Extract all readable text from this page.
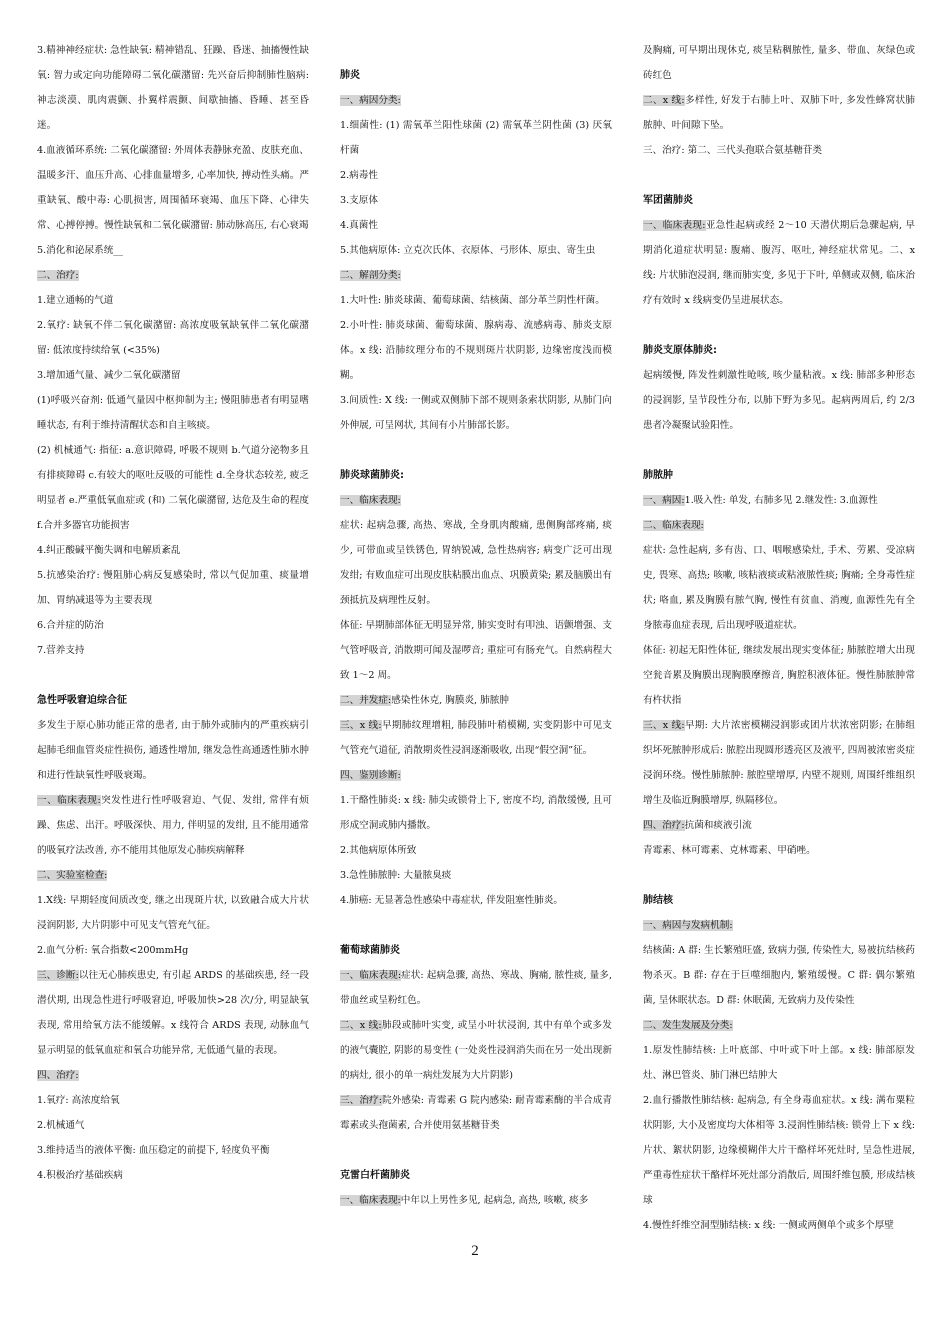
3.精神神经症状: 急性缺氧: 精神错乱、狂躁、昏迷、抽搐慢性缺氧: 智力或定向功能障碍二氧化碳潴留: 先兴奋后抑制肺性脑病: 神志淡漠、肌肉震颤、扑翼样震颤、间歇抽搐、昏睡、甚至昏迷。

4.血液循环系统: 二氧化碳潴留: 外周体表静脉充盈、皮肤充血、温暖多汗、血压升高、心排血量增多, 心率加快, 搏动性头痛。严重缺氧、酸中毒: 心肌损害, 周围循环衰竭、血压下降、心律失常、心搏停搏。慢性缺氧和二氧化碳潴留: 肺动脉高压, 右心衰竭

5.消化和泌尿系统__

二、治疗:

1.建立通畅的气道

2.氧疗: 缺氧不伴二氧化碳潴留: 高浓度吸氧缺氧伴二氧化碳潴留: 低浓度持续给氧 (<35%)

3.增加通气量、减少二氧化碳潴留

(1)呼吸兴奋剂: 低通气量因中枢抑制为主; 慢阻肺患者有明显嗜睡状态, 有利于维持清醒状态和自主咳痰。

(2) 机械通气: 指征: a.意识障碍, 呼吸不规则 b.气道分泌物多且有排痰障碍 c.有较大的呕吐反吸的可能性 d.全身状态较差, 疲乏明显者 e.严重低氧血症或 (和) 二氧化碳潴留, 达危及生命的程度 f.合并多器官功能损害

4.纠正酸碱平衡失调和电解质紊乱

5.抗感染治疗: 慢阻肺心病反复感染时, 常以气促加重、痰量增加、胃纳减退等为主要表现

6.合并症的防治

7.营养支持

急性呼吸窘迫综合征

多发生于原心肺功能正常的患者, 由于肺外或肺内的严重疾病引起肺毛细血管炎症性损伤, 通透性增加, 继发急性高通透性肺水肿和进行性缺氧性呼吸衰竭。

一、临床表现:突发性进行性呼吸窘迫、气促、发绀, 常伴有烦躁、焦虑、出汗。呼吸深快、用力, 伴明显的发绀, 且不能用通常的吸氧疗法改善, 亦不能用其他原发心肺疾病解释

二、实验室检查:

1.X线: 早期轻度间质改变, 继之出现斑片状, 以致融合成大片状浸润阴影, 大片阴影中可见支气管充气征。

2.血气分析: 氧合指数<200mmHg

三、诊断:以往无心肺疾患史, 有引起 ARDS 的基础疾患, 经一段潜伏期, 出现急性进行呼吸窘迫, 呼吸加快>28 次/分, 明显缺氧表现, 常用给氧方法不能缓解。x 线符合 ARDS 表现, 动脉血气显示明显的低氧血症和氧合功能异常, 无低通气量的表现。

四、治疗:

1.氧疗: 高浓度给氧

2.机械通气

3.维持适当的液体平衡: 血压稳定的前提下, 轻度负平衡

4.积极治疗基础疾病

肺炎

一、病因分类:

1.细菌性: (1) 需氧革兰阳性球菌 (2) 需氧革兰阴性菌 (3) 厌氧杆菌

2.病毒性

3.支原体

4.真菌性

5.其他病原体: 立克次氏体、衣原体、弓形体、原虫、寄生虫

二、解剖分类:

1.大叶性: 肺炎球菌、葡萄球菌、结核菌、部分革兰阴性杆菌。

2.小叶性: 肺炎球菌、葡萄球菌、腺病毒、流感病毒、肺炎支原体。x 线: 沿肺纹理分布的不规则斑片状阴影, 边缘密度浅而模糊。

3.间质性: X 线: 一侧或双侧肺下部不规则条索状阴影, 从肺门向外伸展, 可呈网状, 其间有小片肺部长影。

肺炎球菌肺炎:

一、临床表现:

症状: 起病急骤, 高热、寒战, 全身肌肉酸痛, 患侧胸部疼痛, 痰少, 可带血或呈铁锈色, 胃纳锐减, 急性热病容; 病变广泛可出现发绀; 有败血症可出现皮肤粘膜出血点、巩膜黄染; 累及脑膜出有颈抵抗及病理性反射。

体征: 早期肺部体征无明显异常, 肺实变时有叩浊、语颤增强、支气管呼吸音, 消散期可闻及湿啰音; 重症可有肠充气。自然病程大致 1～2 周。

二、并发症:感染性休克, 胸膜炎, 肺脓肿

三、x 线:早期肺纹理增粗, 肺段肺叶稍模糊, 实变阴影中可见支气管充气道征, 消散期炎性浸润逐渐吸收, 出现“假空洞”征。

四、鉴别诊断:

1.干酪性肺炎: x 线: 肺尖或锁骨上下, 密度不均, 消散缓慢, 且可形成空洞或肺内播散。

2.其他病原体所致

3.急性肺脓肿: 大量脓臭痰

4.肺癌: 无显著急性感染中毒症状, 伴发阻塞性肺炎。

葡萄球菌肺炎

一、临床表现:症状: 起病急骤, 高热、寒战、胸痛, 脓性痰, 量多, 带血丝或呈粉红色。

二、x 线:肺段或肺叶实变, 或呈小叶状浸润, 其中有单个或多发的液气囊腔, 阴影的易变性 (一处炎性浸润消失而在另一处出现新的病灶, 很小的单一病灶发展为大片阴影)

三、治疗:院外感染: 青霉素 G 院内感染: 耐青霉素酶的半合成青霉素或头孢菌素, 合并使用氨基糖苷类

克雷白杆菌肺炎

一、临床表现:中年以上男性多见, 起病急, 高热, 咳嗽, 痰多

及胸痛, 可早期出现休克, 痰呈粘稠脓性, 量多、带血、灰绿色或砖红色

二、x 线:多样性, 好发于右肺上叶、双肺下叶, 多发性蜂窝状肺脓肿、叶间隙下坠。

三、治疗: 第二、三代头孢联合氨基糖苷类

军团菌肺炎

一、临床表现:亚急性起病或经 2～10 天潜伏期后急骤起病, 早期消化道症状明显: 腹痛、腹泻、呕吐, 神经症状常见。二、x 线: 片状肺泡浸润, 继而肺实变, 多见于下叶, 单侧或双侧, 临床治疗有效时 x 线病变仍呈进展状态。

肺炎支原体肺炎:

起病缓慢, 阵发性刺激性呛咳, 咳少量粘液。x 线: 肺部多种形态的浸润影, 呈节段性分布, 以肺下野为多见。起病两周后, 约 2/3 患者冷凝聚试验阳性。

肺脓肿

一、病因:1.吸入性: 单发, 右肺多见 2.继发性: 3.血源性

二、临床表现:

症状: 急性起病, 多有齿、口、咽喉感染灶, 手术、劳累、受凉病史, 畏寒、高热; 咳嗽, 咳粘液痰或粘液脓性痰; 胸痛; 全身毒性症状; 咯血, 累及胸膜有脓气胸, 慢性有贫血、消瘦, 血源性先有全身脓毒血症表现, 后出现呼吸道症状。

体征: 初起无阳性体征, 继续发展出现实变体征; 肺脓腔增大出现空瓮音累及胸膜出现胸膜摩擦音, 胸腔积液体征。慢性肺脓肿常有杵状指

三、x 线:早期: 大片浓密模糊浸润影或团片状浓密阴影; 在肺组织坏死脓肿形成后: 脓腔出现圆形透亮区及液平, 四周被浓密炎症浸润环绕。慢性肺脓肿: 脓腔壁增厚, 内壁不规则, 周围纤维组织增生及临近胸膜增厚, 纵隔移位。

四、治疗:抗菌和痰液引流

青霉素、林可霉素、克林霉素、甲硝唑。

肺结核

一、病因与发病机制:

结核菌: A 群: 生长繁殖旺盛, 致病力强, 传染性大, 易被抗结核药物杀灭。B 群: 存在于巨噬细胞内, 繁殖缓慢。C 群: 偶尔繁殖菌, 呈休眠状态。D 群: 休眠菌, 无致病力及传染性

二、发生发展及分类:

1.原发性肺结核: 上叶底部、中叶或下叶上部。x 线: 肺部原发灶、淋巴管炎、肺门淋巴结肿大

2.血行播散性肺结核: 起病急, 有全身毒血症状。x 线: 满布粟粒状阴影, 大小及密度均大体相等 3.浸润性肺结核: 锁骨上下 x 线: 片状、絮状阴影, 边缘模糊伴大片干酪样坏死灶时, 呈急性进展, 严重毒性症状干酪样坏死灶部分消散后, 周围纤维包膜, 形成结核球

4.慢性纤维空洞型肺结核: x 线: 一侧或两侧单个或多个厚壁

2
